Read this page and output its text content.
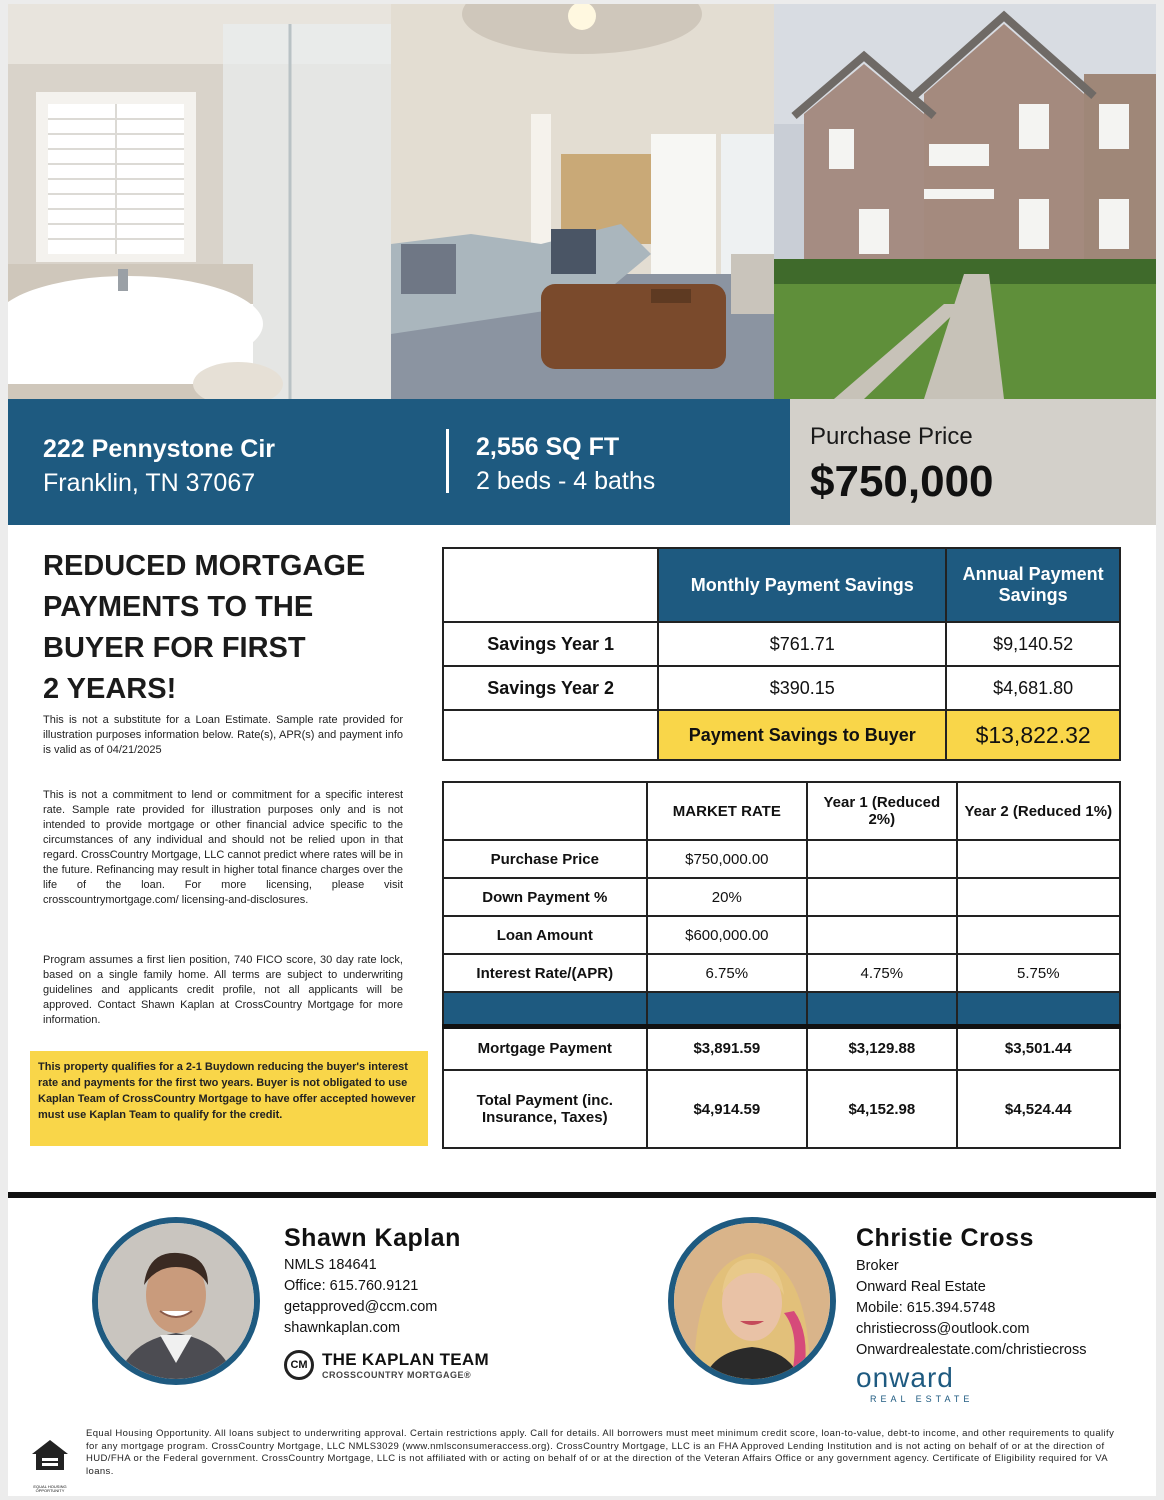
222 Pennystone Cir
Franklin, TN 37067
2,556 SQ FT
2 beds - 4 baths
Purchase Price
$750,000
REDUCED MORTGAGE
PAYMENTS TO THE
BUYER FOR FIRST
2 YEARS!
This is not a substitute for a Loan Estimate. Sample rate provided for illustration purposes information below. Rate(s), APR(s) and payment info is valid as of 04/21/2025
This is not a commitment to lend or commitment for a specific interest rate. Sample rate provided for illustration purposes only and is not intended to provide mortgage or other financial advice specific to the circumstances of any individual and should not be relied upon in that regard. CrossCountry Mortgage, LLC cannot predict where rates will be in the future. Refinancing may result in higher total finance charges over the life of the loan. For more licensing, please visit crosscountrymortgage.com/ licensing-and-disclosures.
Program assumes a first lien position, 740 FICO score, 30 day rate lock, based on a single family home. All terms are subject to underwriting guidelines and applicants credit profile, not all applicants will be approved. Contact Shawn Kaplan at CrossCountry Mortgage for more information.
This property qualifies for a 2-1 Buydown reducing the buyer's interest rate and payments for the first two years. Buyer is not obligated to use Kaplan Team of CrossCountry Mortgage to have offer accepted however must use Kaplan Team to qualify for the credit.
	Monthly Payment Savings	Annual Payment Savings
Savings Year 1	$761.71	$9,140.52
Savings Year 2	$390.15	$4,681.80
	Payment Savings to Buyer	$13,822.32
	MARKET RATE	Year 1 (Reduced 2%)	Year 2 (Reduced 1%)
Purchase Price	$750,000.00		
Down Payment %	20%		
Loan Amount	$600,000.00		
Interest Rate/(APR)	6.75%	4.75%	5.75%

Mortgage Payment	$3,891.59	$3,129.88	$3,501.44
Total Payment (inc. Insurance, Taxes)	$4,914.59	$4,152.98	$4,524.44
Shawn Kaplan
NMLS 184641
Office: 615.760.9121
getapproved@ccm.com
shawnkaplan.com
CM THE KAPLAN TEAM
CROSSCOUNTRY MORTGAGE®
Christie Cross
Broker
Onward Real Estate
Mobile: 615.394.5748
christiecross@outlook.com
Onwardrealestate.com/christiecross
onward
REAL ESTATE
EQUAL HOUSING OPPORTUNITY
Equal Housing Opportunity. All loans subject to underwriting approval. Certain restrictions apply. Call for details. All borrowers must meet minimum credit score, loan-to-value, debt-to income, and other requirements to qualify for any mortgage program. CrossCountry Mortgage, LLC NMLS3029 (www.nmlsconsumeraccess.org). CrossCountry Mortgage, LLC is an FHA Approved Lending Institution and is not acting on behalf of or at the direction of HUD/FHA or the Federal government. CrossCountry Mortgage, LLC is not affiliated with or acting on behalf of or at the direction of the Veteran Affairs Office or any government agency. Certificate of Eligibility required for VA loans.
